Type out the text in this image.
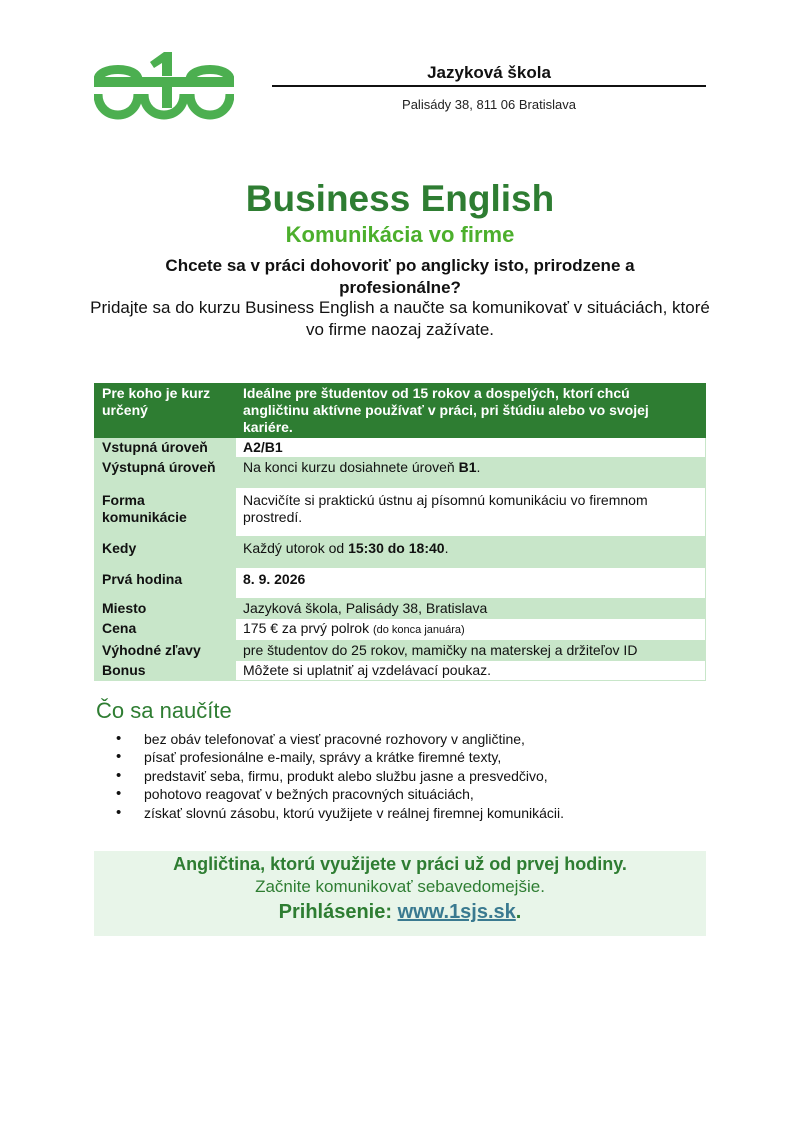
Jazyková škola
Palisády 38, 811 06 Bratislava
Business English
Komunikácia vo firme
Chcete sa v práci dohovoriť po anglicky isto, prirodzene a profesionálne?
Pridajte sa do kurzu Business English a naučte sa komunikovať v situáciách, ktoré vo firme naozaj zažívate.
Pre koho je kurz určený	Ideálne pre študentov od 15 rokov a dospelých, ktorí chcú angličtinu aktívne používať v práci, pri štúdiu alebo vo svojej kariére.
Vstupná úroveň	A2/B1
Výstupná úroveň	Na konci kurzu dosiahnete úroveň B1.
Forma komunikácie	Nacvičíte si praktickú ústnu aj písomnú komunikáciu vo firemnom prostredí.
Kedy	Každý utorok od 15:30 do 18:40.
Prvá hodina	8. 9. 2026
Miesto	Jazyková škola, Palisády 38, Bratislava
Cena	175 € za prvý polrok (do konca januára)
Výhodné zľavy	pre študentov do 25 rokov, mamičky na materskej a držiteľov ID
Bonus	Môžete si uplatniť aj vzdelávací poukaz.
Čo sa naučíte
• bez obáv telefonovať a viesť pracovné rozhovory v angličtine,
• písať profesionálne e-maily, správy a krátke firemné texty,
• predstaviť seba, firmu, produkt alebo službu jasne a presvedčivo,
• pohotovo reagovať v bežných pracovných situáciách,
• získať slovnú zásobu, ktorú využijete v reálnej firemnej komunikácii.
Angličtina, ktorú využijete v práci už od prvej hodiny.
Začnite komunikovať sebavedomejšie.
Prihlásenie: www.1sjs.sk.
